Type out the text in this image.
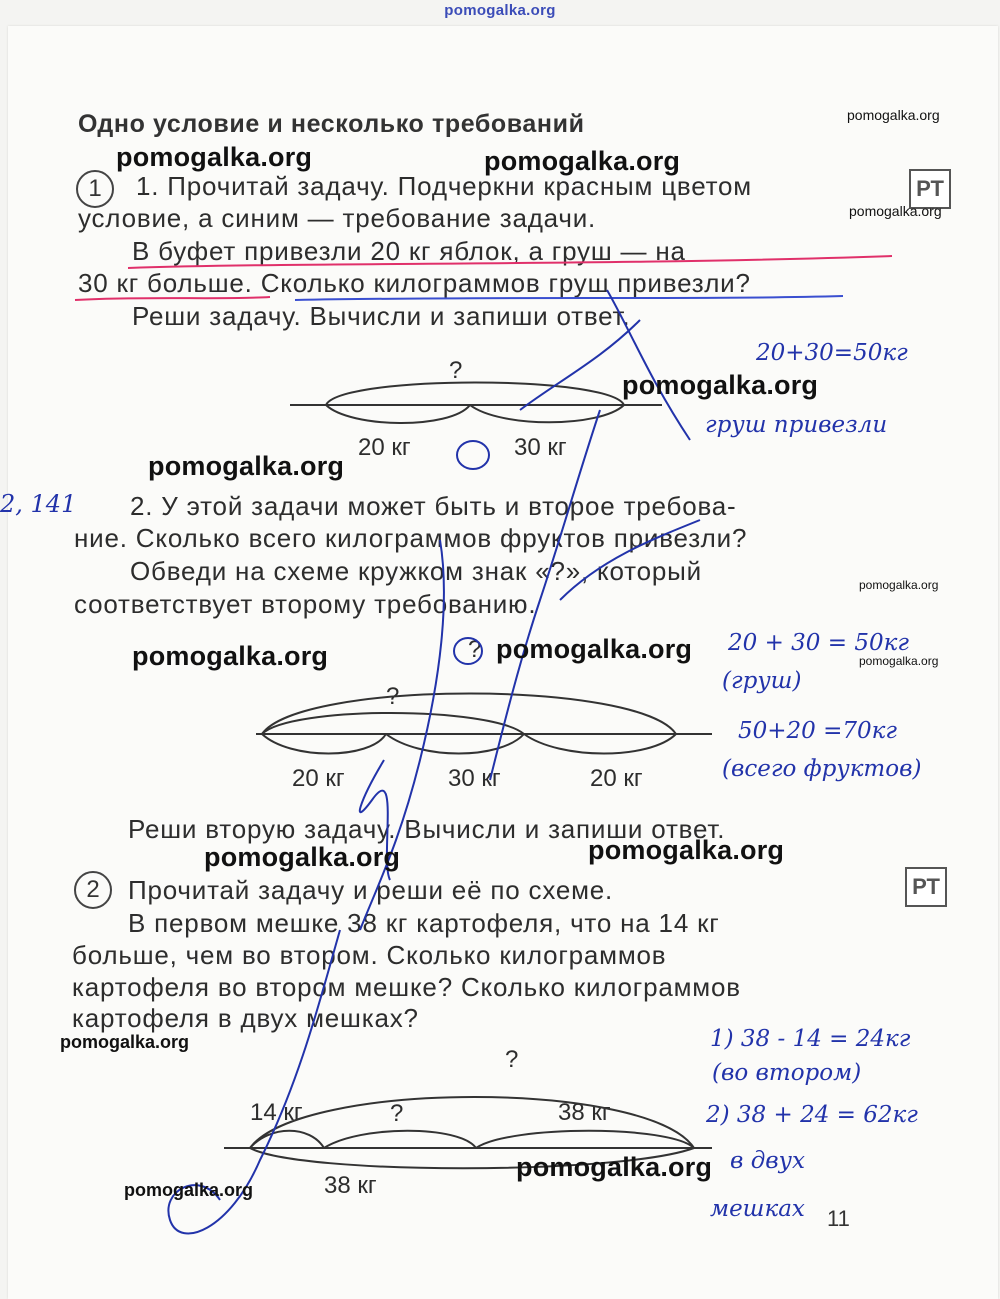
pomogalka.org
Одно условие и несколько требований
1	РТ
1. Прочитай задачу. Подчеркни красным цветом
условие, а синим — требование задачи.
В буфет привезли 20 кг яблок, а груш — на
30 кг больше. Сколько килограммов груш привезли?
Реши задачу. Вычисли и запиши ответ.
?
20 кг	30 кг
2. У этой задачи может быть и второе требова-
ние. Сколько всего килограммов фруктов привезли?
Обведи на схеме кружком знак «?», который
соответствует второму требованию.
?
?
20 кг	30 кг	20 кг
Реши вторую задачу. Вычисли и запиши ответ.
2	РТ
Прочитай задачу и реши её по схеме.
В первом мешке 38 кг картофеля, что на 14 кг
больше, чем во втором. Сколько килограммов
картофеля во втором мешке? Сколько килограммов
картофеля в двух мешках?
?
?
14 кг	38 кг
38 кг
11
2, 141
20+30=50кг
груш привезли
20 + 30 = 50кг
(груш)
50+20 =70кг
(всего фруктов)
1) 38 - 14 = 24кг
(во втором)
2) 38 + 24 = 62кг
в двух
мешках
pomogalka.org
pomogalka.org	pomogalka.org
pomogalka.org
pomogalka.org
pomogalka.org
pomogalka.org
pomogalka.org	pomogalka.org	pomogalka.org
pomogalka.org	pomogalka.org
pomogalka.org
pomogalka.org
pomogalka.org
